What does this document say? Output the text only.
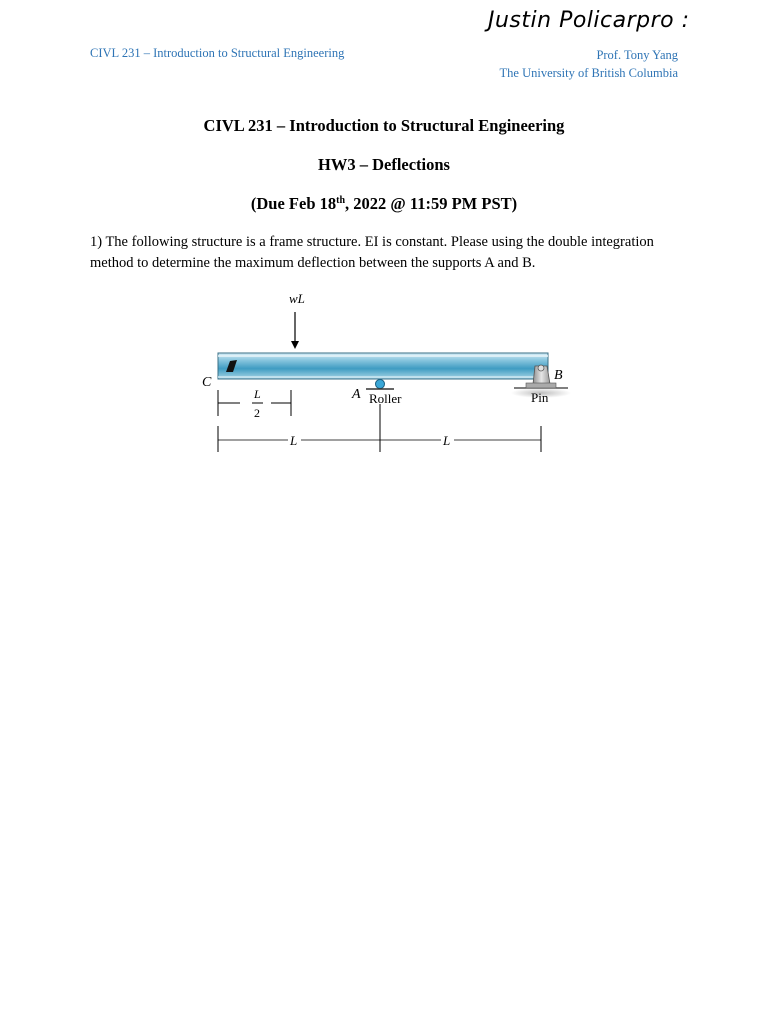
Justin Policarpro :
CIVL 231 – Introduction to Structural Engineering	Prof. Tony Yang
The University of British Columbia
CIVL 231 – Introduction to Structural Engineering
HW3 – Deflections
(Due Feb 18th, 2022 @ 11:59 PM PST)
1) The following structure is a frame structure. EI is constant. Please using the double integration method to determine the maximum deflection between the supports A and B.
wL
C
A
B
Roller	Pin
L
2
L	L
